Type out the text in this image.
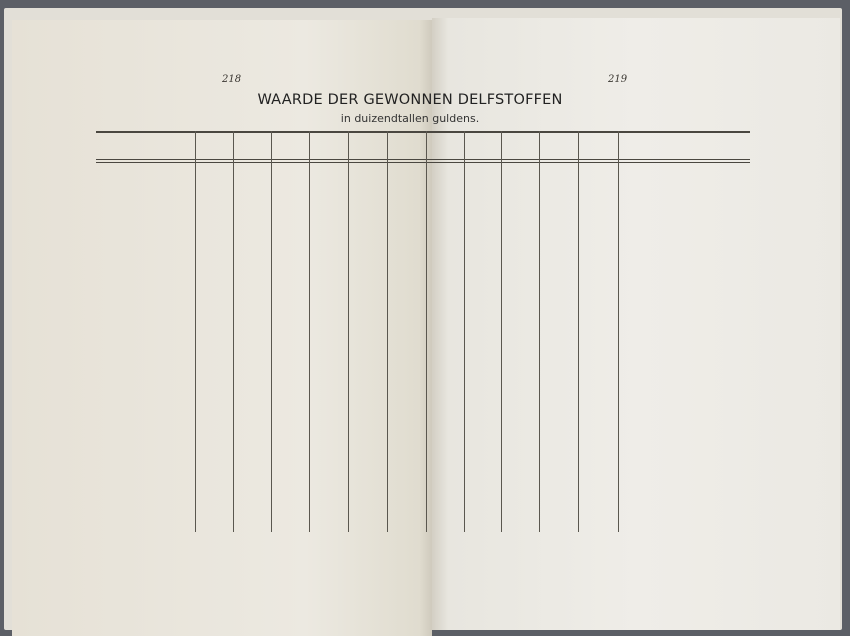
218	219
WAARDE DER GEWONNEN DELFSTOFFEN
in duizendtallen guldens.
